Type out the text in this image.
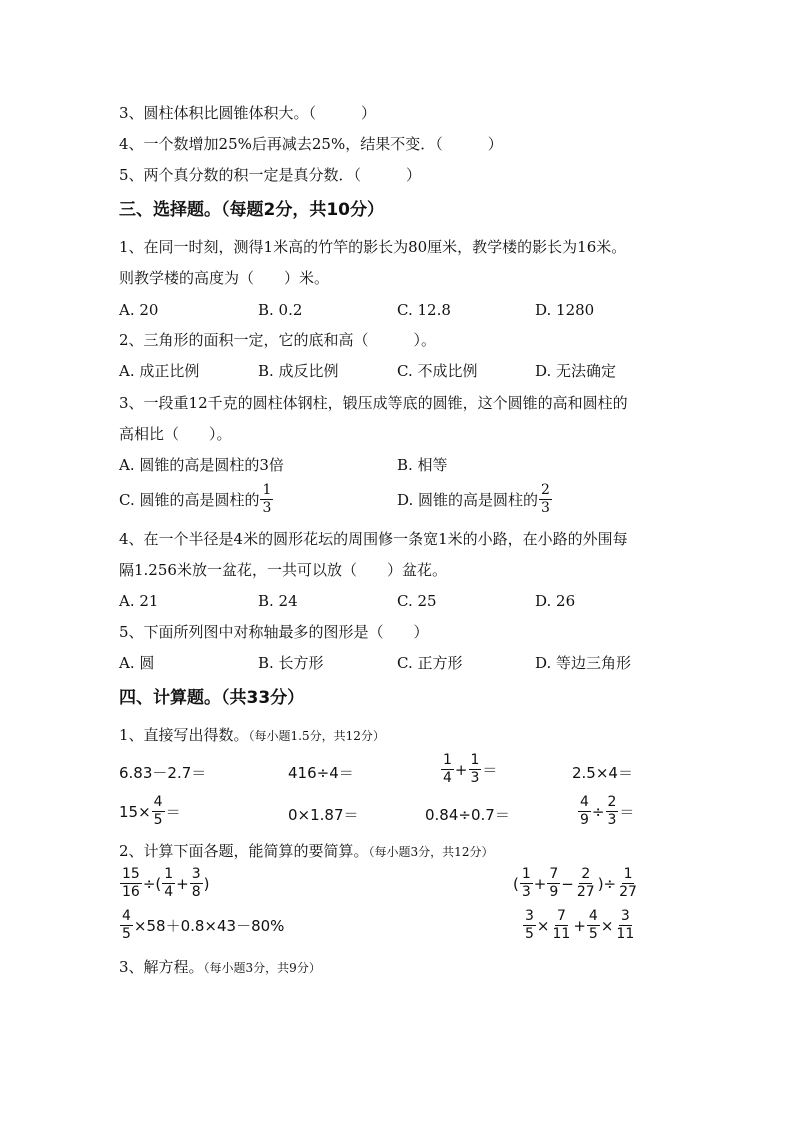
3、圆柱体积比圆锥体积大。（　　　）
4、一个数增加25%后再减去25%，结果不变．（　　　）
5、两个真分数的积一定是真分数．（　　　）
三、选择题。（每题2分，共10分）
1、在同一时刻，测得1米高的竹竿的影长为80厘米，教学楼的影长为16米。
则教学楼的高度为（　　）米。
A. 20	B. 0.2	C. 12.8	D. 1280
2、三角形的面积一定，它的底和高（　　　）。
A. 成正比例	B. 成反比例	C. 不成比例	D. 无法确定
3、一段重12千克的圆柱体钢柱，锻压成等底的圆锥，这个圆锥的高和圆柱的
高相比（　　）。
A. 圆锥的高是圆柱的3倍	B. 相等
C. 圆锥的高是圆柱的 $\frac{1}{3}$	D. 圆锥的高是圆柱的 $\frac{2}{3}$
4、在一个半径是4米的圆形花坛的周围修一条宽1米的小路，在小路的外围每
隔1.256米放一盆花，一共可以放（　　）盆花。
A. 21	B. 24	C. 25	D. 26
5、下面所列图中对称轴最多的图形是（　　）
A. 圆	B. 长方形	C. 正方形	D. 等边三角形
四、计算题。（共33分）
1、直接写出得数。（每小题1.5分，共12分）
6.83－2.7＝	416÷4＝	$\frac{1}{4} + \frac{1}{3}$ ＝	2.5×4＝
$15\times \frac{4}{5}$ ＝	0×1.87＝	0.84÷0.7＝	$\frac{4}{9} \div \frac{2}{3}$ ＝
2、计算下面各题，能简算的要简算。（每小题3分，共12分）
$\frac{15}{16}$ ÷( $\frac{1}{4} + \frac{3}{8}$ )	( $\frac{1}{3} + \frac{7}{9} - \frac{2}{27}$ )÷ $\frac{1}{27}$
$\frac{4}{5} \times 58+0.8\times 43-80\%$	$\frac{3}{5} \times \frac{7}{11} + \frac{4}{5} \times \frac{3}{11}$
3、解方程。（每小题3分，共9分）
